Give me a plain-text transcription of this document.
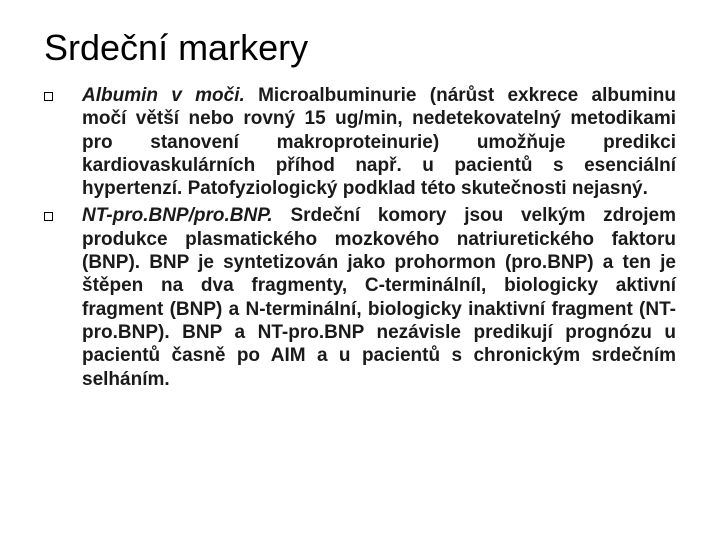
Srdeční markery
Albumin v moči. Microalbuminurie (nárůst exkrece albuminu močí větší nebo rovný 15 ug/min, nedetekovatelný metodikami pro stanovení makroproteinurie) umožňuje predikci kardiovaskulárních příhod např. u pacientů s esenciální hypertenzí. Patofyziologický podklad této skutečnosti nejasný.
NT-pro.BNP/pro.BNP. Srdeční komory jsou velkým zdrojem produkce plasmatického mozkového natriuretického faktoru (BNP). BNP je syntetizován jako prohormon (pro.BNP) a ten je štěpen na dva fragmenty, C-terminálníl, biologicky aktivní fragment (BNP) a N-terminální, biologicky inaktivní fragment (NT-pro.BNP). BNP a NT-pro.BNP nezávisle predikují prognózu u pacientů časně po AIM a u pacientů s chronickým srdečním selháním.
